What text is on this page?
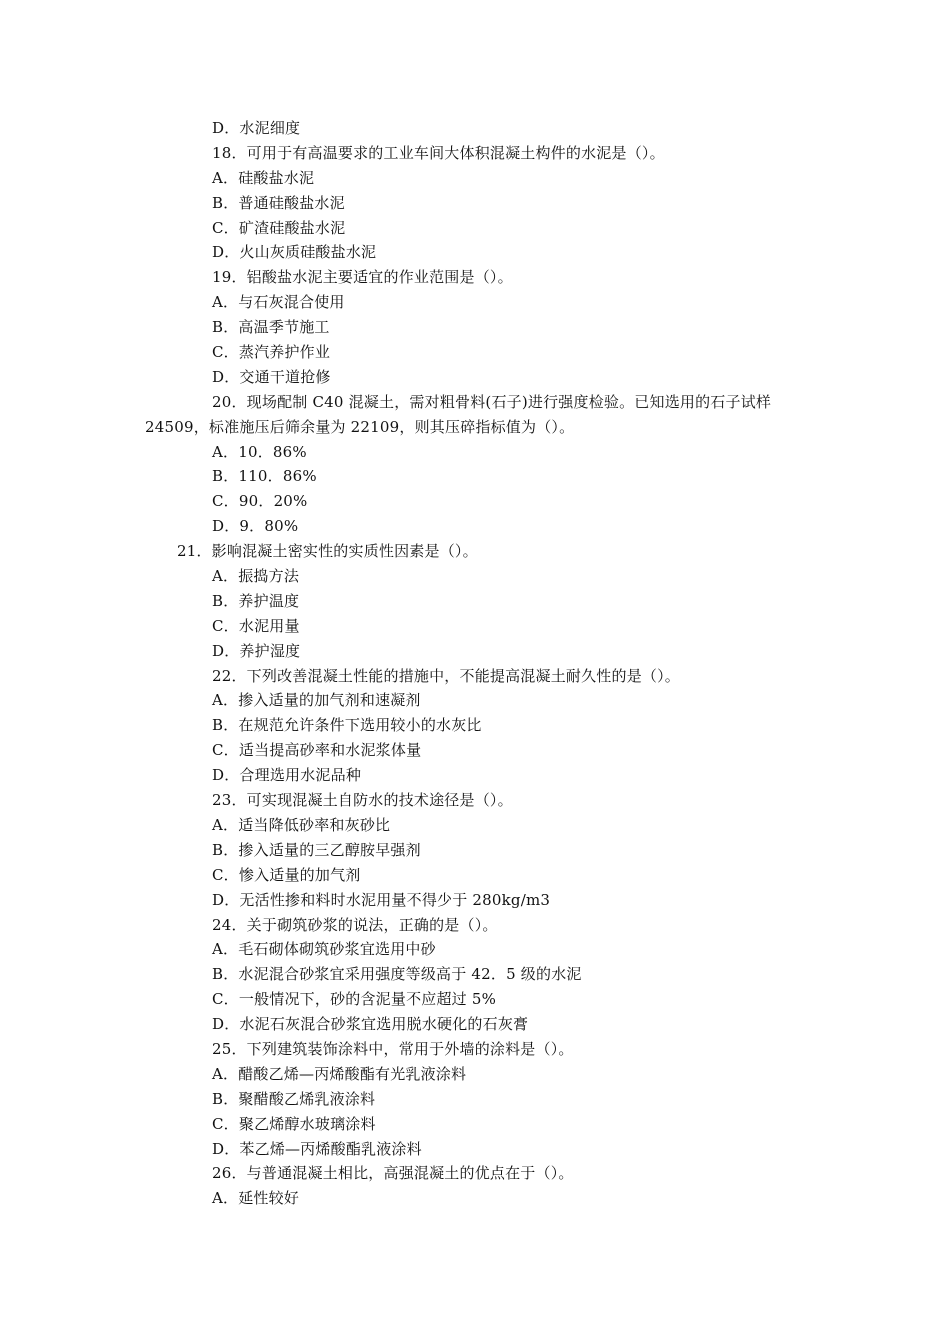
D．水泥细度
18．可用于有高温要求的工业车间大体积混凝土构件的水泥是（）。
A．硅酸盐水泥
B．普通硅酸盐水泥
C．矿渣硅酸盐水泥
D．火山灰质硅酸盐水泥
19．铝酸盐水泥主要适宜的作业范围是（）。
A．与石灰混合使用
B．高温季节施工
C．蒸汽养护作业
D．交通干道抢修
20．现场配制 C40 混凝土，需对粗骨料(石子)进行强度检验。已知选用的石子试样
24509，标准施压后筛余量为 22109，则其压碎指标值为（）。
A．10．86%
B．110．86%
C．90．20%
D．9．80%
21．影响混凝土密实性的实质性因素是（）。
A．振捣方法
B．养护温度
C．水泥用量
D．养护湿度
22．下列改善混凝土性能的措施中，不能提高混凝土耐久性的是（）。
A．掺入适量的加气剂和速凝剂
B．在规范允许条件下选用较小的水灰比
C．适当提高砂率和水泥浆体量
D．合理选用水泥品种
23．可实现混凝土自防水的技术途径是（）。
A．适当降低砂率和灰砂比
B．掺入适量的三乙醇胺早强剂
C．惨入适量的加气剂
D．无活性掺和料时水泥用量不得少于 280kg/m3
24．关于砌筑砂浆的说法，正确的是（）。
A．毛石砌体砌筑砂浆宜选用中砂
B．水泥混合砂浆宜采用强度等级高于 42．5 级的水泥
C．一般情况下，砂的含泥量不应超过 5%
D．水泥石灰混合砂浆宜选用脱水硬化的石灰膏
25．下列建筑装饰涂料中，常用于外墙的涂料是（）。
A．醋酸乙烯—丙烯酸酯有光乳液涂料
B．聚醋酸乙烯乳液涂料
C．聚乙烯醇水玻璃涂料
D．苯乙烯—丙烯酸酯乳液涂料
26．与普通混凝土相比，高强混凝土的优点在于（）。
A．延性较好
